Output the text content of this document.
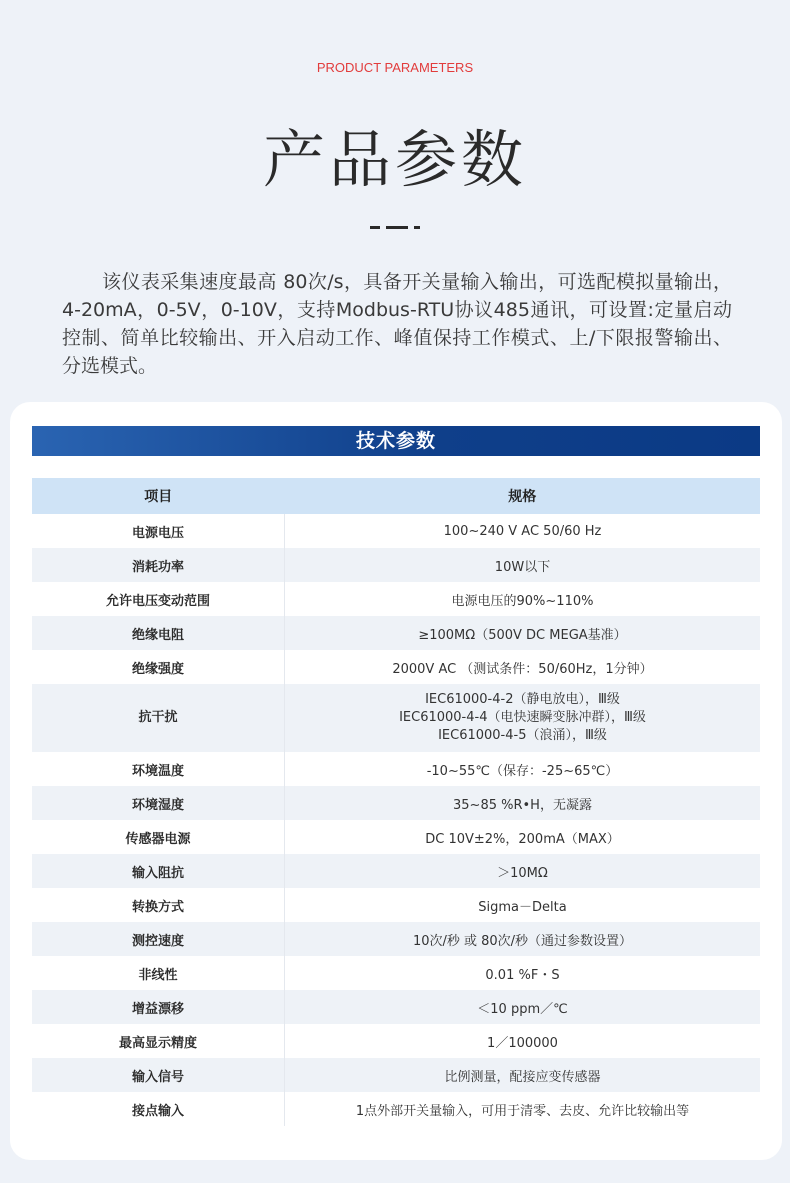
PRODUCT PARAMETERS
产品参数
该仪表采集速度最高 80次/s，具备开关量输入输出，可选配模拟量输出，4-20mA，0-5V，0-10V，支持Modbus-RTU协议485通讯，可设置:定量启动控制、简单比较输出、开入启动工作、峰值保持工作模式、上/下限报警输出、分选模式。
技术参数
项目	规格
电源电压	100~240 V AC 50/60 Hz
消耗功率	10W以下
允许电压变动范围	电源电压的90%~110%
绝缘电阻	≥100MΩ（500V DC MEGA基准）
绝缘强度	2000V AC （测试条件：50/60Hz，1分钟）
抗干扰	IEC61000-4-2（静电放电），Ⅲ级
IEC61000-4-4（电快速瞬变脉冲群），Ⅲ级
IEC61000-4-5（浪涌），Ⅲ级

环境温度	-10~55℃（保存：-25~65℃）
环境湿度	35~85 %R•H，无凝露
传感器电源	DC 10V±2%，200mA（MAX）
输入阻抗	＞10MΩ
转换方式	Sigma－Delta
测控速度	10次/秒 或 80次/秒（通过参数设置）
非线性	0.01 %F・S
增益漂移	＜10 ppm／℃
最高显示精度	1／100000
输入信号	比例测量，配接应变传感器
接点输入	1点外部开关量输入，可用于清零、去皮、允许比较输出等
